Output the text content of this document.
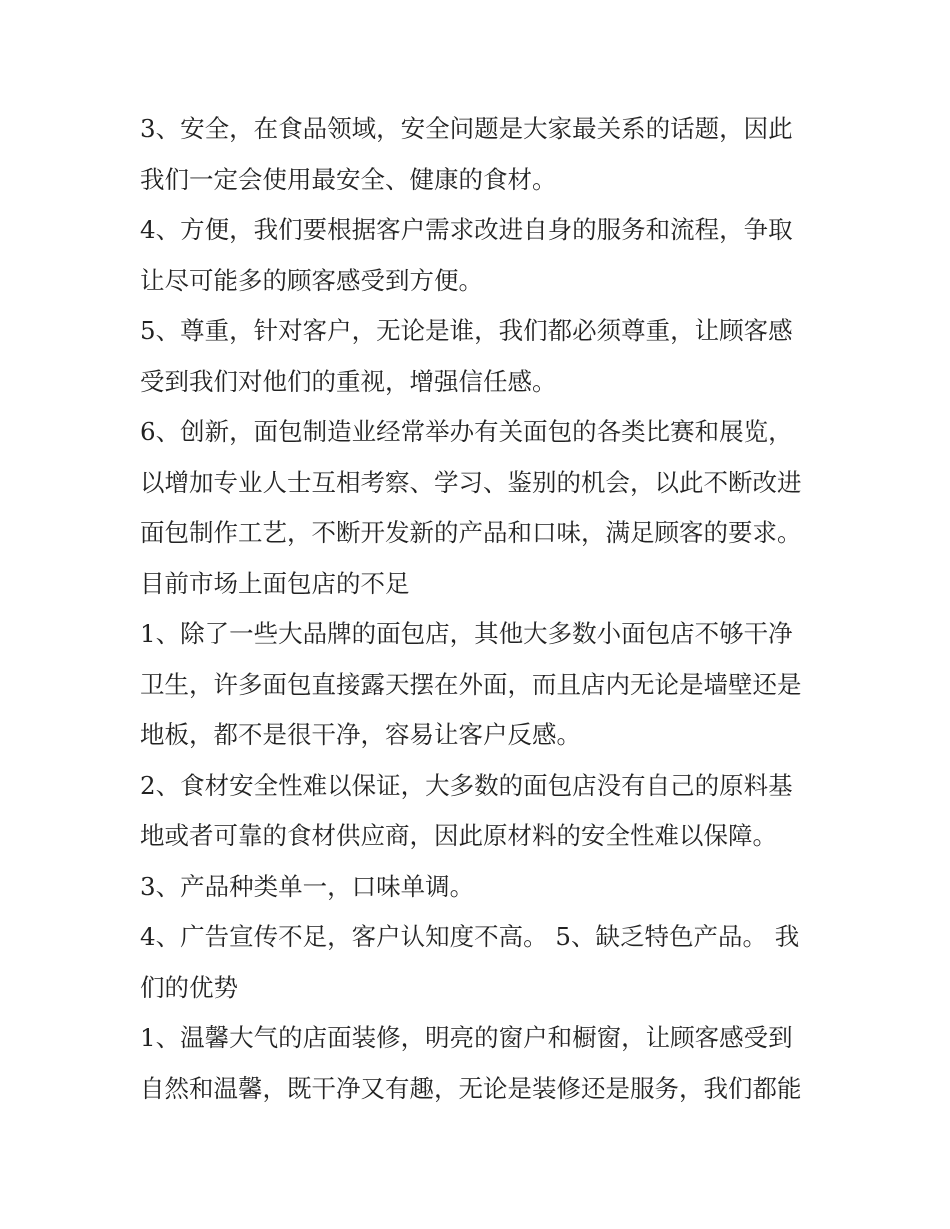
3、安全，在食品领域，安全问题是大家最关系的话题，因此
我们一定会使用最安全、健康的食材。
4、方便，我们要根据客户需求改进自身的服务和流程，争取
让尽可能多的顾客感受到方便。
5、尊重，针对客户，无论是谁，我们都必须尊重，让顾客感
受到我们对他们的重视，增强信任感。
6、创新，面包制造业经常举办有关面包的各类比赛和展览，
以增加专业人士互相考察、学习、鉴别的机会，以此不断改进
面包制作工艺，不断开发新的产品和口味，满足顾客的要求。
目前市场上面包店的不足
1、除了一些大品牌的面包店，其他大多数小面包店不够干净
卫生，许多面包直接露天摆在外面，而且店内无论是墙壁还是
地板，都不是很干净，容易让客户反感。
2、食材安全性难以保证，大多数的面包店没有自己的原料基
地或者可靠的食材供应商，因此原材料的安全性难以保障。
3、产品种类单一，口味单调。
4、广告宣传不足，客户认知度不高。 5、缺乏特色产品。 我
们的优势
1、温馨大气的店面装修，明亮的窗户和橱窗，让顾客感受到
自然和温馨，既干净又有趣，无论是装修还是服务，我们都能
